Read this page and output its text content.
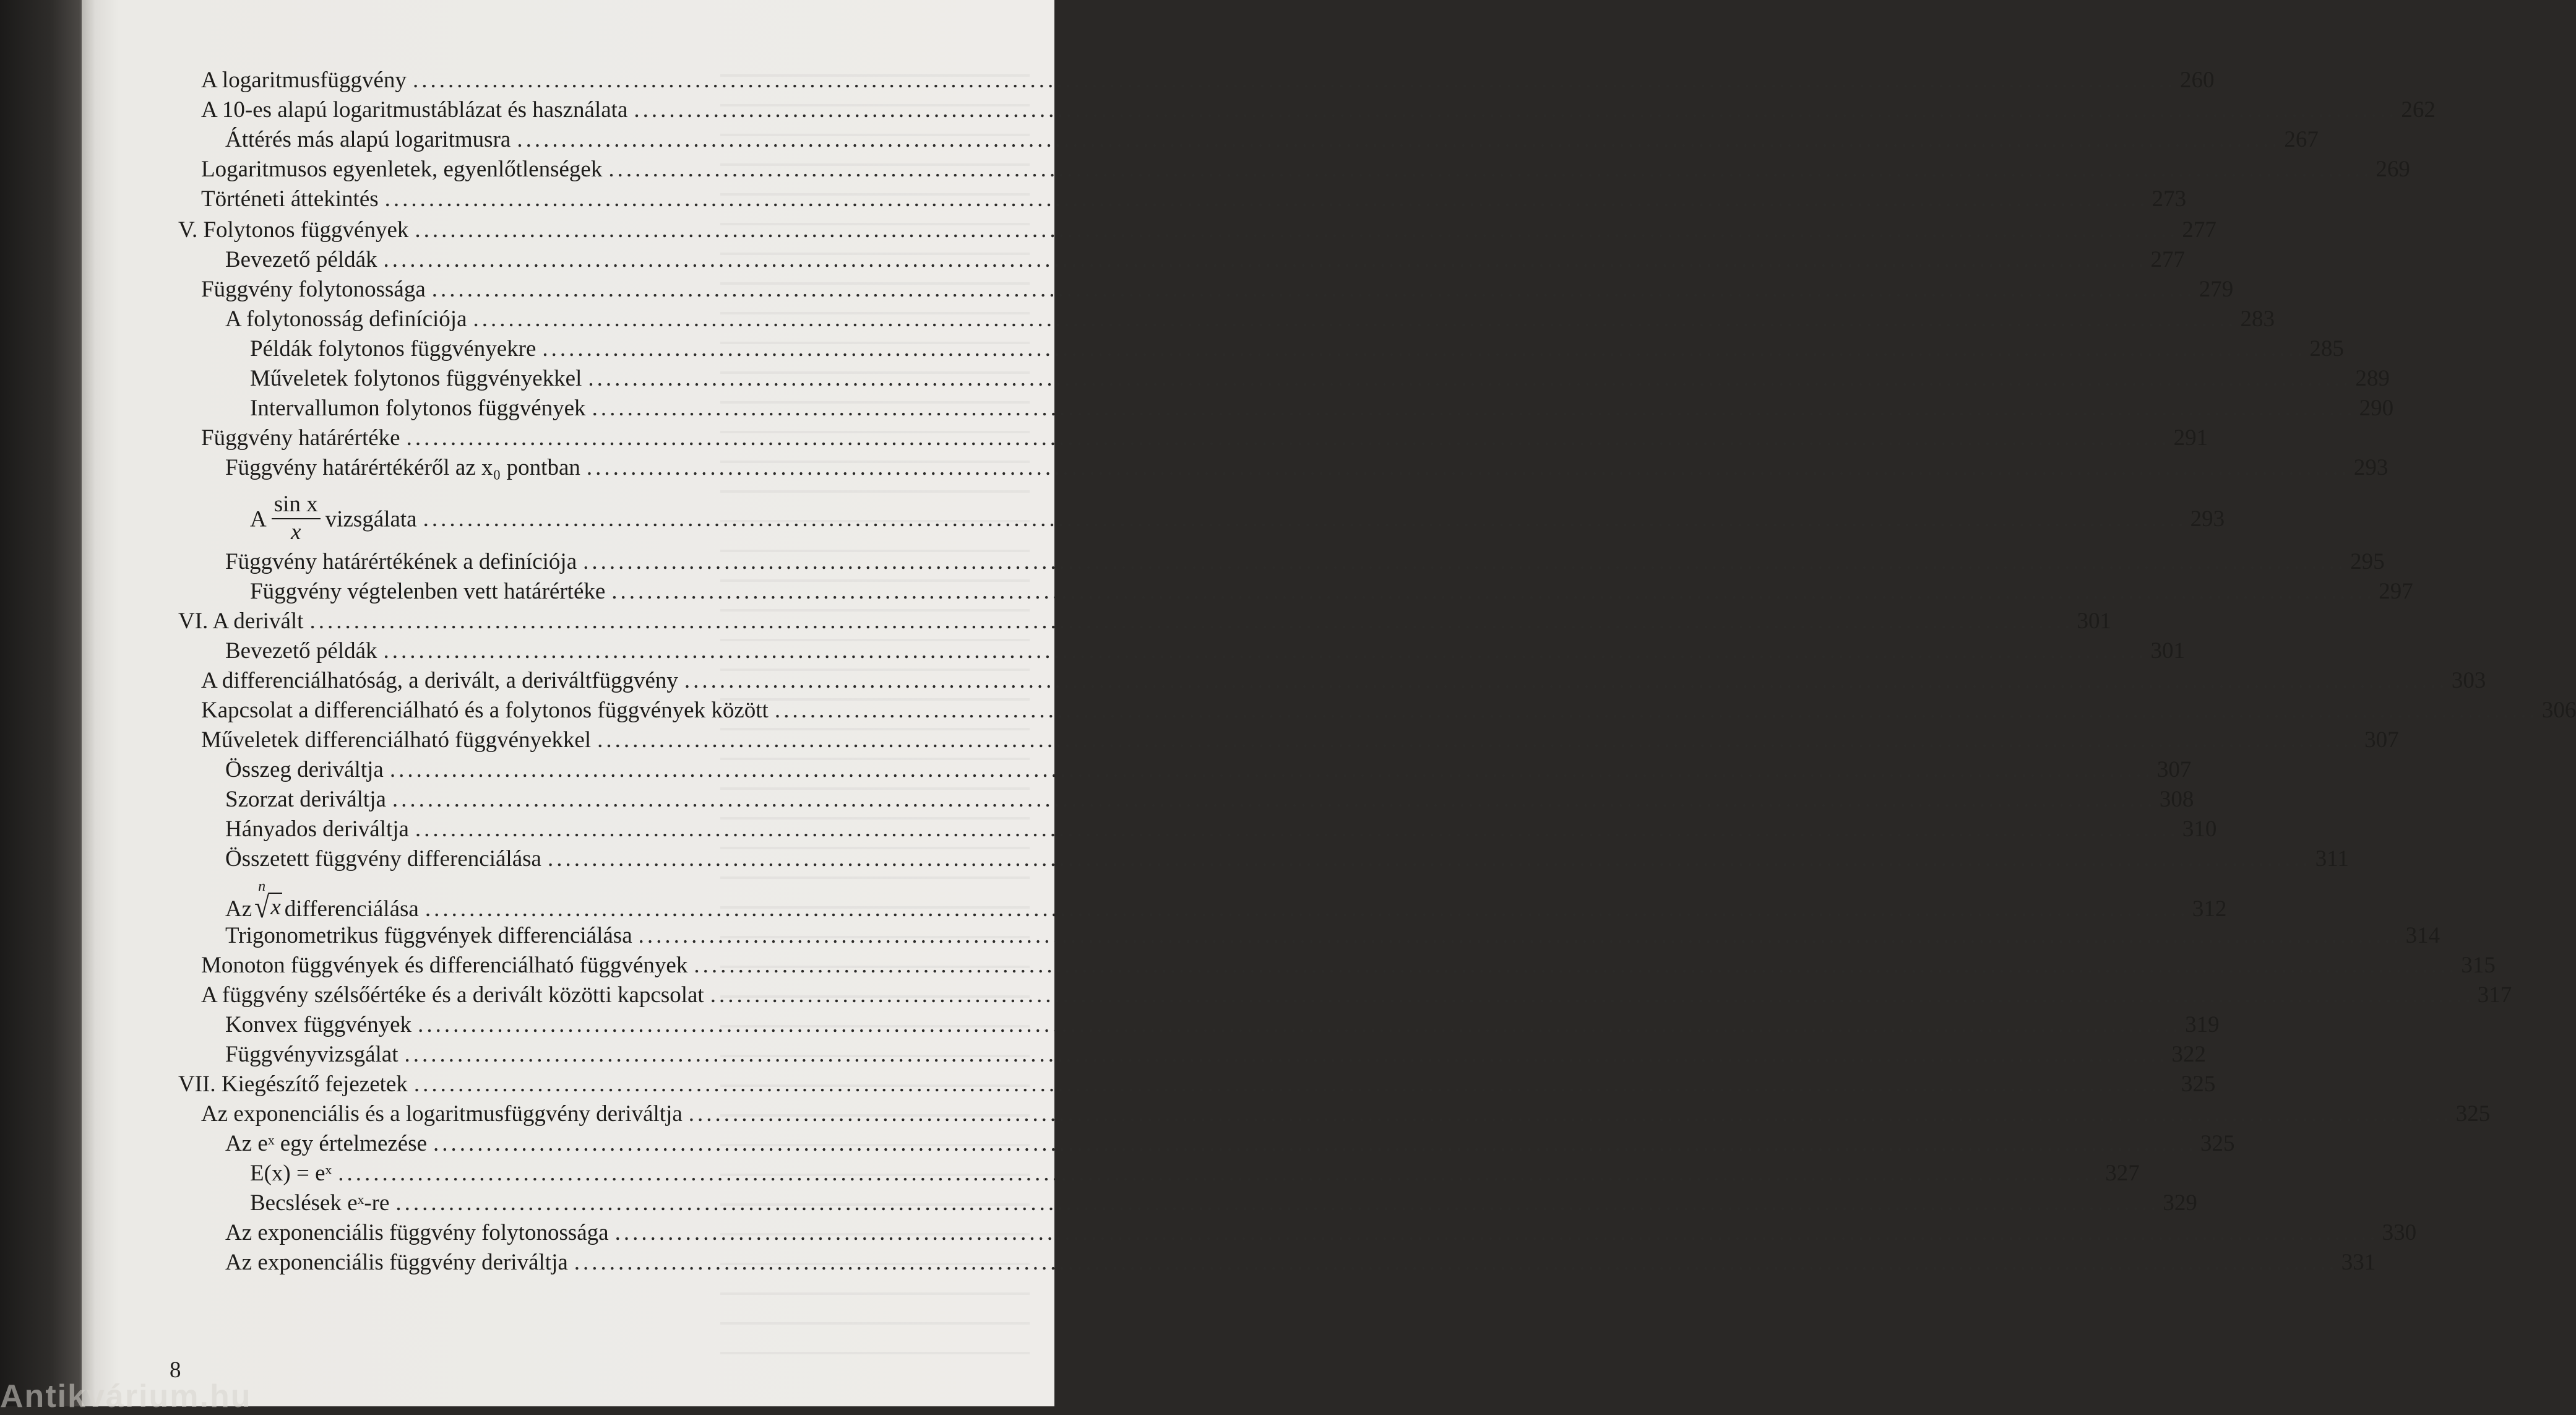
A logaritmusfüggvény ........................................................................................................................................................................................................ 260
A 10-es alapú logaritmustáblázat és használata ........................................................................................................................................................................................................ 262
Áttérés más alapú logaritmusra ........................................................................................................................................................................................................ 267
Logaritmusos egyenletek, egyenlőtlenségek ........................................................................................................................................................................................................ 269
Történeti áttekintés ........................................................................................................................................................................................................ 273
V. Folytonos függvények ........................................................................................................................................................................................................ 277
Bevezető példák ........................................................................................................................................................................................................ 277
Függvény folytonossága ........................................................................................................................................................................................................ 279
A folytonosság definíciója ........................................................................................................................................................................................................ 283
Példák folytonos függvényekre ........................................................................................................................................................................................................ 285
Műveletek folytonos függvényekkel ........................................................................................................................................................................................................ 289
Intervallumon folytonos függvények ........................................................................................................................................................................................................ 290
Függvény határértéke ........................................................................................................................................................................................................ 291
Függvény határértékéről az x₀ pontban ........................................................................................................................................................................................................ 293
A $\frac{\text{sin x}}{x}$ vizsgálata ........................................................................................................................................................................................................ 293
Függvény határértékének a definíciója ........................................................................................................................................................................................................ 295
Függvény végtelenben vett határértéke ........................................................................................................................................................................................................ 297
VI. A derivált ........................................................................................................................................................................................................ 301
Bevezető példák ........................................................................................................................................................................................................ 301
A differenciálhatóság, a derivált, a deriváltfüggvény ........................................................................................................................................................................................................ 303
Kapcsolat a differenciálható és a folytonos függvények között ........................................................................................................................................................................................................ 306
Műveletek differenciálható függvényekkel ........................................................................................................................................................................................................ 307
Összeg deriváltja ........................................................................................................................................................................................................ 307
Szorzat deriváltja ........................................................................................................................................................................................................ 308
Hányados deriváltja ........................................................................................................................................................................................................ 310
Összetett függvény differenciálása ........................................................................................................................................................................................................ 311
Az
n
√ x differenciálása ........................................................................................................................................................................................................ 312
Trigonometrikus függvények differenciálása ........................................................................................................................................................................................................ 314
Monoton függvények és differenciálható függvények ........................................................................................................................................................................................................ 315
A függvény szélsőértéke és a derivált közötti kapcsolat ........................................................................................................................................................................................................ 317
Konvex függvények ........................................................................................................................................................................................................ 319
Függvényvizsgálat ........................................................................................................................................................................................................ 322
VII. Kiegészítő fejezetek ........................................................................................................................................................................................................ 325
Az exponenciális és a logaritmusfüggvény deriváltja ........................................................................................................................................................................................................ 325
Az eˣ egy értelmezése ........................................................................................................................................................................................................ 325
E(x) = eˣ ........................................................................................................................................................................................................ 327
Becslések eˣ-re ........................................................................................................................................................................................................ 329
Az exponenciális függvény folytonossága ........................................................................................................................................................................................................ 330
Az exponenciális függvény deriváltja ........................................................................................................................................................................................................ 331
8
Antikvárium.hu
